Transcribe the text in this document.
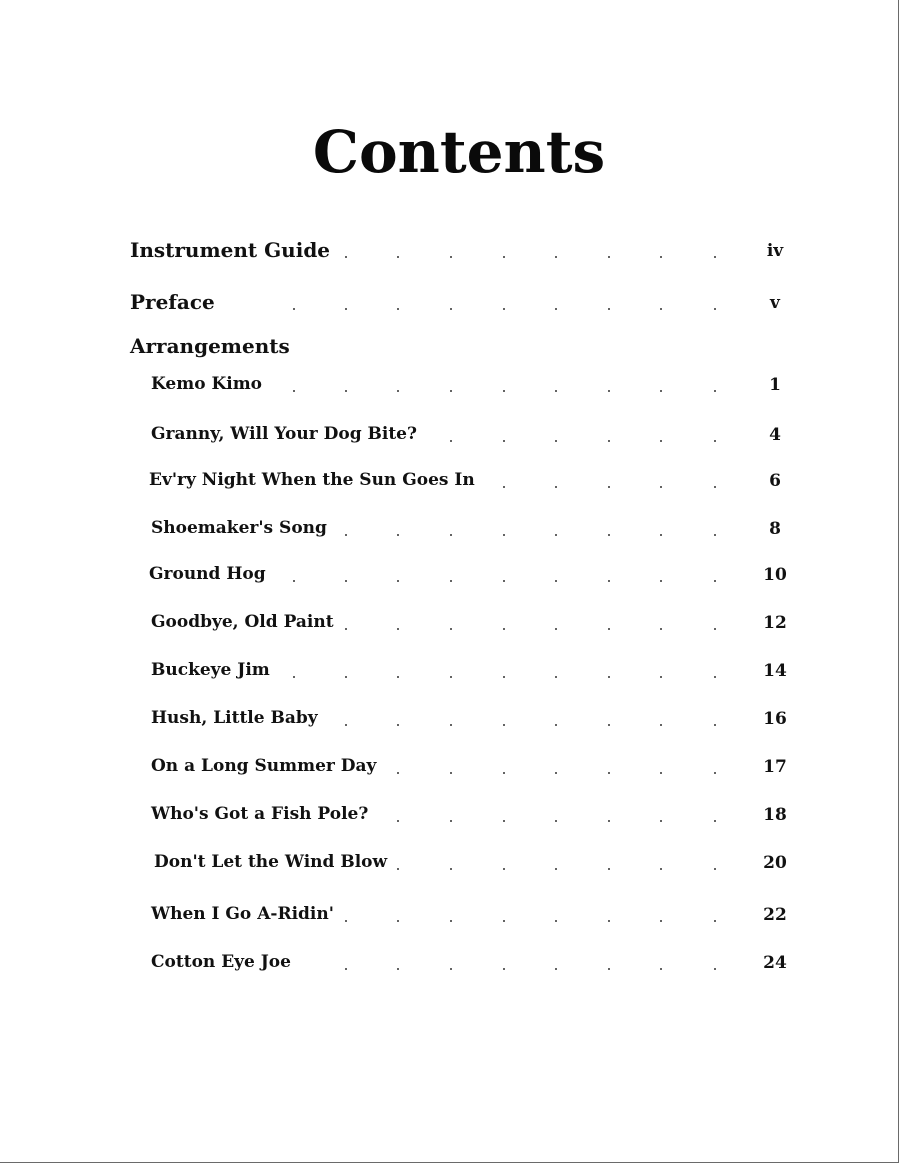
Contents
Instrument Guide	iv
Preface	v
Arrangements
Kemo Kimo	1
Granny, Will Your Dog Bite?	4
Ev'ry Night When the Sun Goes In	6
Shoemaker's Song	8
Ground Hog	10
Goodbye, Old Paint	12
Buckeye Jim	14
Hush, Little Baby	16
On a Long Summer Day	17
Who's Got a Fish Pole?	18
Don't Let the Wind Blow	20
When I Go A-Ridin'	22
Cotton Eye Joe	24
